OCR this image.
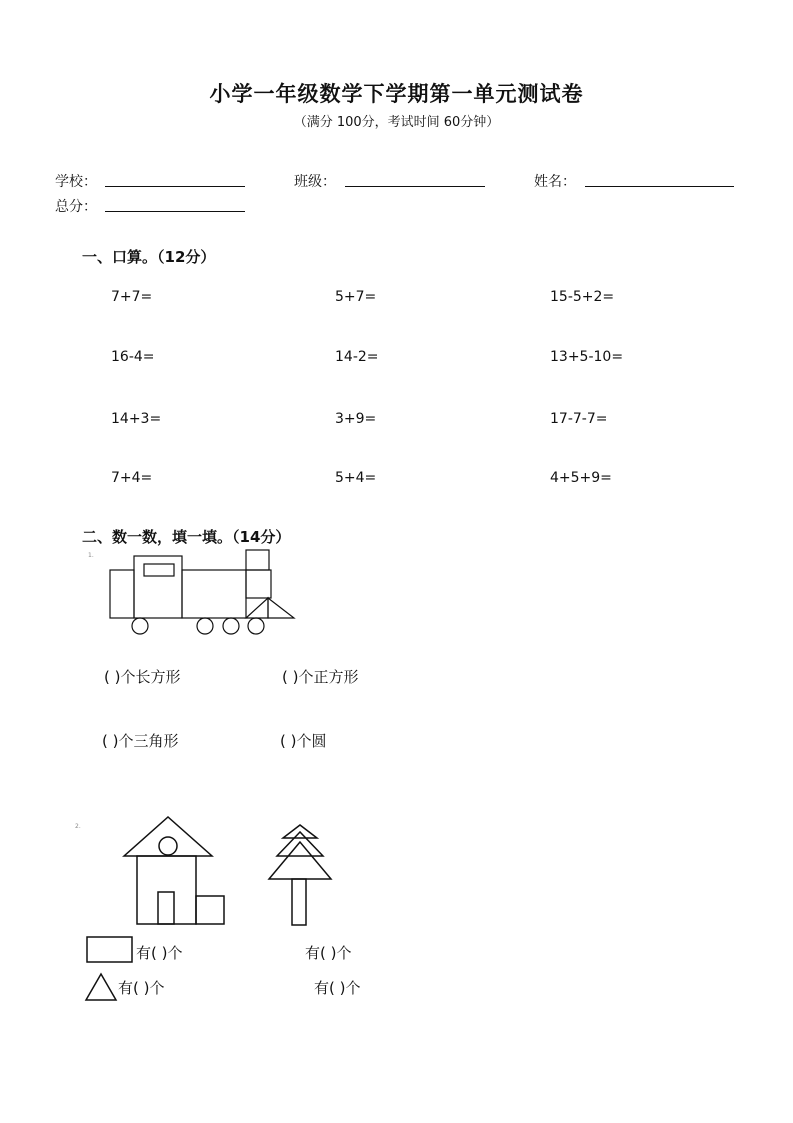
小学一年级数学下学期第一单元测试卷
（满分 100分，考试时间 60分钟）
学校：	班级：	姓名：
总分：
一、口算。（12分）
7+7=	5+7=	15-5+2=
16-4=	14-2=	13+5-10=
14+3=	3+9=	17-7-7=
7+4=	5+4=	4+5+9=
二、数一数，填一填。（14分）
1.
( )个长方形	( )个正方形
( )个三角形	( )个圆
2.
有( )个	有( )个
有( )个	有( )个
